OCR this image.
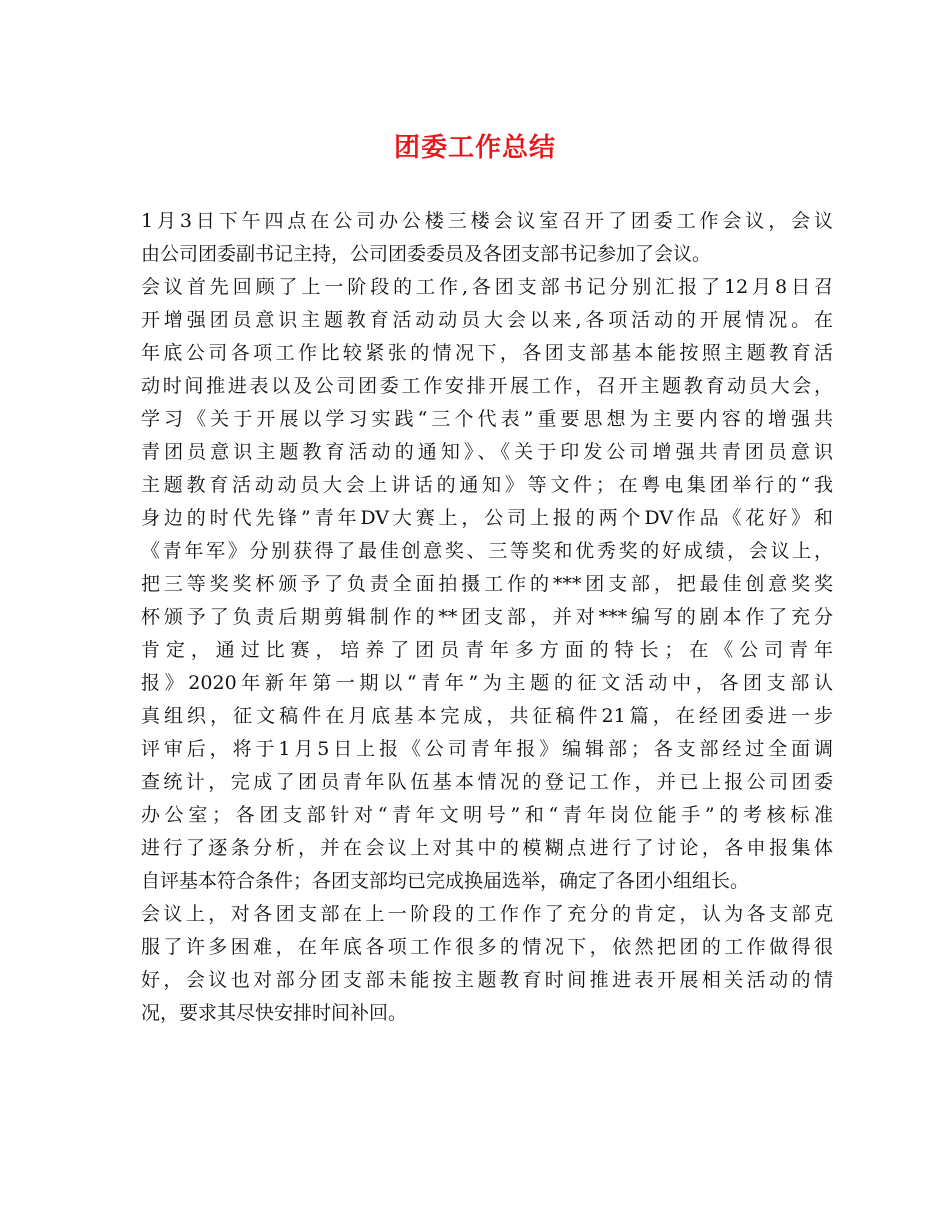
团委工作总结
1月3日下午四点在公司办公楼三楼会议室召开了团委工作会议，会议
由公司团委副书记主持，公司团委委员及各团支部书记参加了会议。
会议首先回顾了上一阶段的工作,各团支部书记分别汇报了12月8日召
开增强团员意识主题教育活动动员大会以来,各项活动的开展情况。在
年底公司各项工作比较紧张的情况下，各团支部基本能按照主题教育活
动时间推进表以及公司团委工作安排开展工作，召开主题教育动员大会，
学习《关于开展以学习实践“三个代表”重要思想为主要内容的增强共
青团员意识主题教育活动的通知》、《关于印发公司增强共青团员意识
主题教育活动动员大会上讲话的通知》等文件；在粤电集团举行的“我
身边的时代先锋”青年DV大赛上，公司上报的两个DV作品《花好》和
《青年军》分别获得了最佳创意奖、三等奖和优秀奖的好成绩，会议上，
把三等奖奖杯颁予了负责全面拍摄工作的***团支部，把最佳创意奖奖
杯颁予了负责后期剪辑制作的**团支部，并对***编写的剧本作了充分
肯定，通过比赛，培养了团员青年多方面的特长；在《公司青年
报》2020年新年第一期以“青年”为主题的征文活动中，各团支部认
真组织，征文稿件在月底基本完成，共征稿件21篇，在经团委进一步
评审后，将于1月5日上报《公司青年报》编辑部；各支部经过全面调
查统计，完成了团员青年队伍基本情况的登记工作，并已上报公司团委
办公室；各团支部针对“青年文明号”和“青年岗位能手”的考核标准
进行了逐条分析，并在会议上对其中的模糊点进行了讨论，各申报集体
自评基本符合条件；各团支部均已完成换届选举，确定了各团小组组长。
会议上，对各团支部在上一阶段的工作作了充分的肯定，认为各支部克
服了许多困难，在年底各项工作很多的情况下，依然把团的工作做得很
好，会议也对部分团支部未能按主题教育时间推进表开展相关活动的情
况，要求其尽快安排时间补回。
